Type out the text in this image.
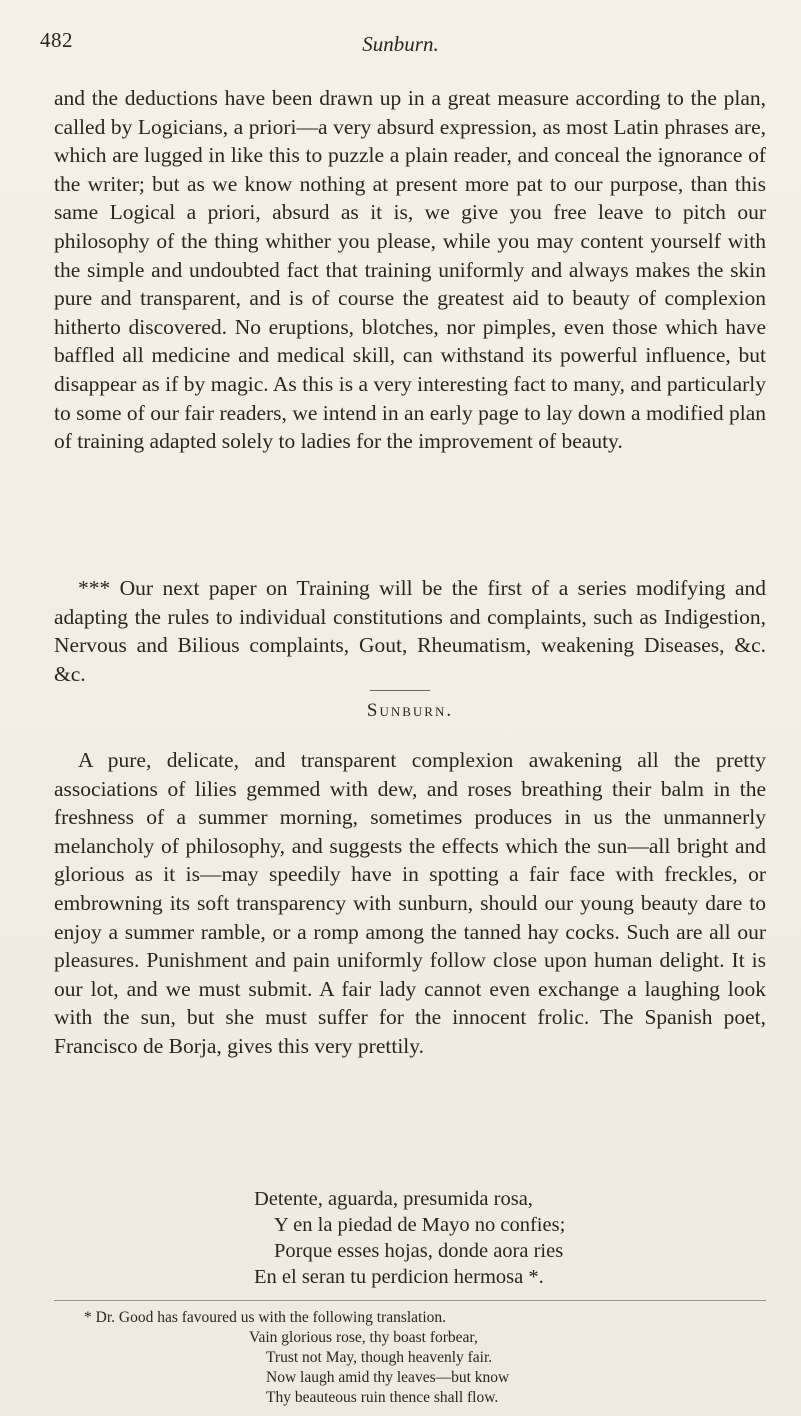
482	Sunburn.

and the deductions have been drawn up in a great measure according to the plan, called by Logicians, a priori—a very absurd expression, as most Latin phrases are, which are lugged in like this to puzzle a plain reader, and conceal the ignorance of the writer; but as we know nothing at present more pat to our purpose, than this same Logical a priori, absurd as it is, we give you free leave to pitch our philosophy of the thing whither you please, while you may content yourself with the simple and undoubted fact that training uniformly and always makes the skin pure and transparent, and is of course the greatest aid to beauty of complexion hitherto discovered. No eruptions, blotches, nor pimples, even those which have baffled all medicine and medical skill, can withstand its powerful influence, but disappear as if by magic. As this is a very interesting fact to many, and particularly to some of our fair readers, we intend in an early page to lay down a modified plan of training adapted solely to ladies for the improvement of beauty.

*** Our next paper on Training will be the first of a series modifying and adapting the rules to individual constitutions and complaints, such as Indigestion, Nervous and Bilious complaints, Gout, Rheumatism, weakening Diseases, &c. &c.

Sunburn.

A pure, delicate, and transparent complexion awakening all the pretty associations of lilies gemmed with dew, and roses breathing their balm in the freshness of a summer morning, sometimes produces in us the unmannerly melancholy of philosophy, and suggests the effects which the sun—all bright and glorious as it is—may speedily have in spotting a fair face with freckles, or embrowning its soft transparency with sunburn, should our young beauty dare to enjoy a summer ramble, or a romp among the tanned hay cocks. Such are all our pleasures. Punishment and pain uniformly follow close upon human delight. It is our lot, and we must submit. A fair lady cannot even exchange a laughing look with the sun, but she must suffer for the innocent frolic. The Spanish poet, Francisco de Borja, gives this very prettily.

Detente, aguarda, presumida rosa,
Y en la piedad de Mayo no confies;
Porque esses hojas, donde aora ries
En el seran tu perdicion hermosa *.
* Dr. Good has favoured us with the following translation.
Vain glorious rose, thy boast forbear,
Trust not May, though heavenly fair.
Now laugh amid thy leaves—but know
Thy beauteous ruin thence shall flow.
